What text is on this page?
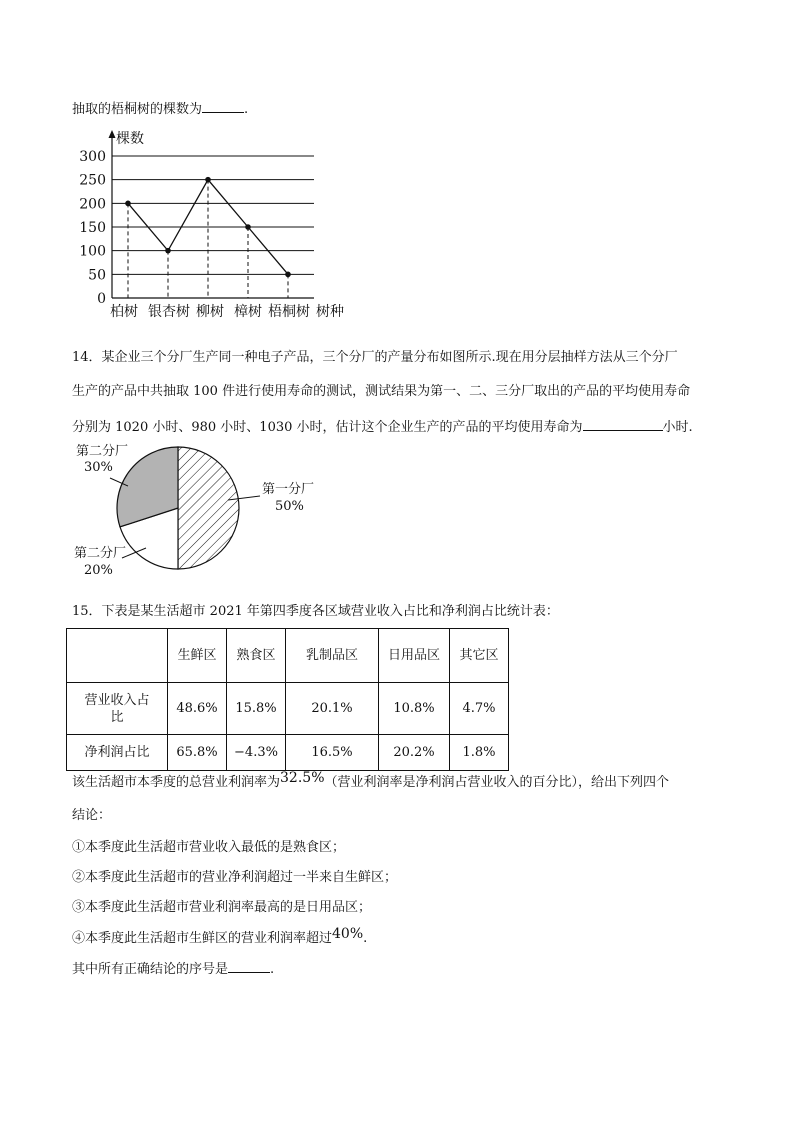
抽取的梧桐树的棵数为	.
0
50
100
150
200
250
300
柏树 银杏树 柳树 樟树 梧桐树
棵数
树种
14．某企业三个分厂生产同一种电子产品，三个分厂的产量分布如图所示.现在用分层抽样方法从三个分厂
生产的产品中共抽取 100 件进行使用寿命的测试，测试结果为第一、二、三分厂取出的产品的平均使用寿命
分别为 1020 小时、980 小时、1030 小时，估计这个企业生产的产品的平均使用寿命为	小时.
第一分厂
50%
第二分厂
30%
第二分厂
20%
15．下表是某生活超市 2021 年第四季度各区域营业收入占比和净利润占比统计表：
	生鲜区	熟食区	乳制品区	日用品区	其它区
营业收入占比	48.6%	15.8%	20.1%	10.8%	4.7%
净利润占比	65.8%	−4.3%	16.5%	20.2%	1.8%
该生活超市本季度的总营业利润率为32.5%（营业利润率是净利润占营业收入的百分比），给出下列四个
结论：
①本季度此生活超市营业收入最低的是熟食区；
②本季度此生活超市的营业净利润超过一半来自生鲜区；
③本季度此生活超市营业利润率最高的是日用品区；
④本季度此生活超市生鲜区的营业利润率超过40%.
其中所有正确结论的序号是	.
